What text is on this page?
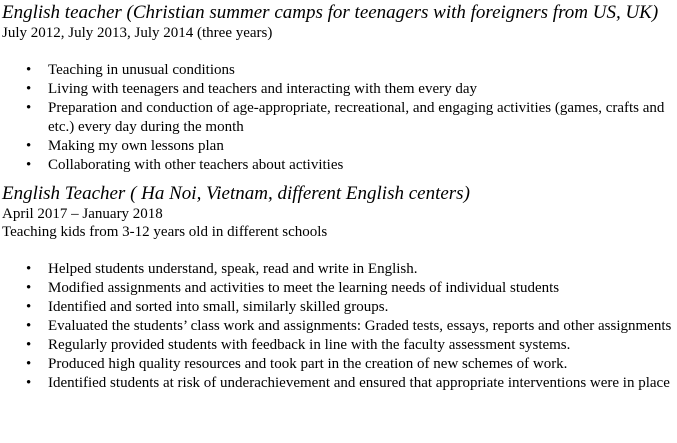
English teacher (Christian summer camps for teenagers with foreigners from US, UK)

July 2012, July 2013, July 2014 (three years)

• Teaching in unusual conditions
• Living with teenagers and teachers and interacting with them every day
• Preparation and conduction of age-appropriate, recreational, and engaging activities (games, crafts and etc.) every day during the month
• Making my own lessons plan
• Collaborating with other teachers about activities

English Teacher ( Ha Noi, Vietnam, different English centers)

April 2017 – January 2018

Teaching kids from 3-12 years old in different schools

• Helped students understand, speak, read and write in English.
• Modified assignments and activities to meet the learning needs of individual students
• Identified and sorted into small, similarly skilled groups.
• Evaluated the students’ class work and assignments: Graded tests, essays, reports and other assignments
• Regularly provided students with feedback in line with the faculty assessment systems.
• Produced high quality resources and took part in the creation of new schemes of work.
• Identified students at risk of underachievement and ensured that appropriate interventions were in place
